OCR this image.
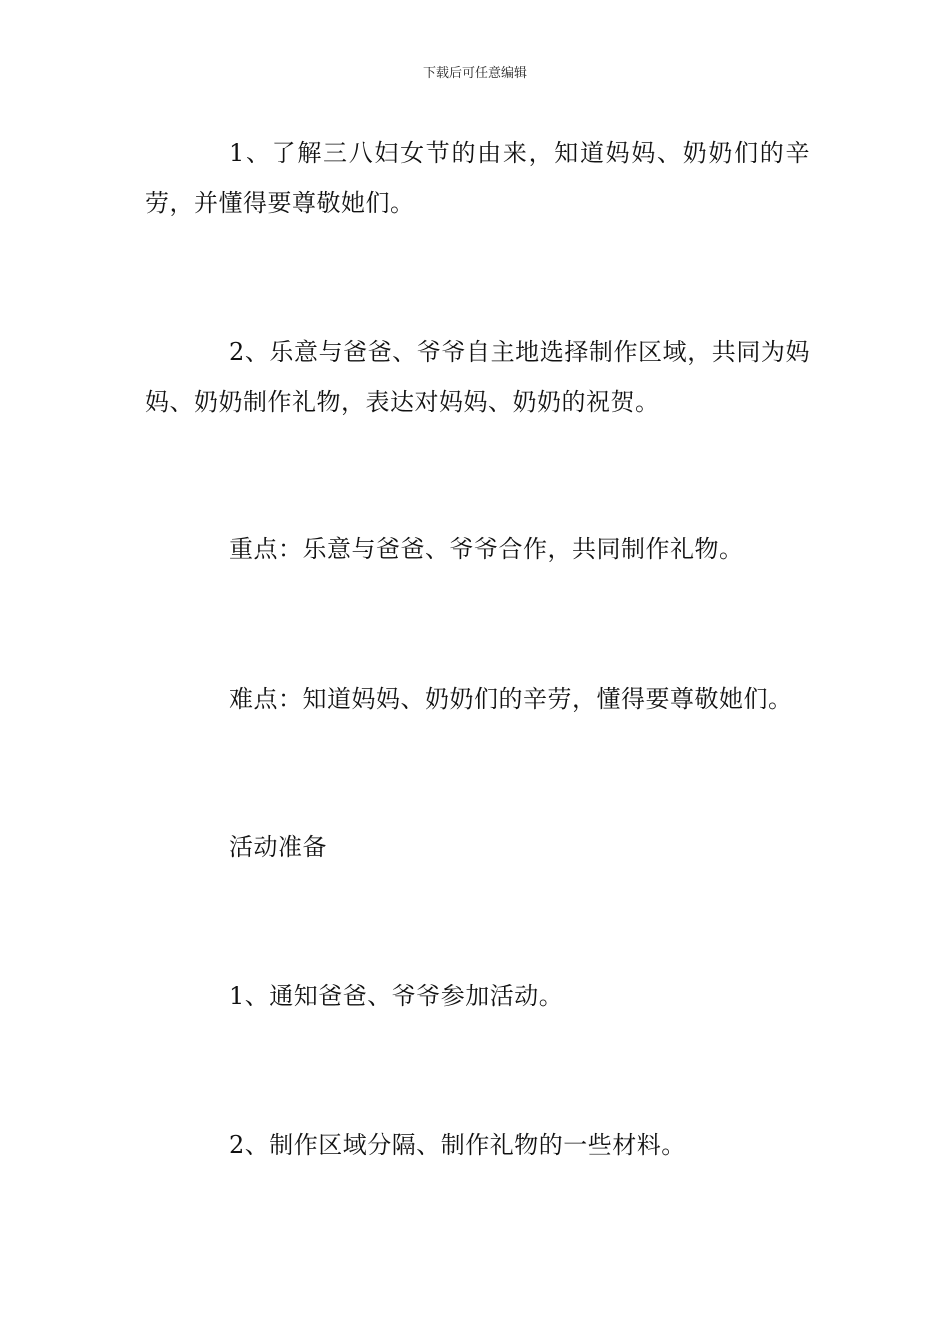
下载后可任意编辑

1、了解三八妇女节的由来，知道妈妈、奶奶们的辛劳，并懂得要尊敬她们。

2、乐意与爸爸、爷爷自主地选择制作区域，共同为妈妈、奶奶制作礼物，表达对妈妈、奶奶的祝贺。

重点：乐意与爸爸、爷爷合作，共同制作礼物。

难点：知道妈妈、奶奶们的辛劳，懂得要尊敬她们。

活动准备

1、通知爸爸、爷爷参加活动。

2、制作区域分隔、制作礼物的一些材料。
